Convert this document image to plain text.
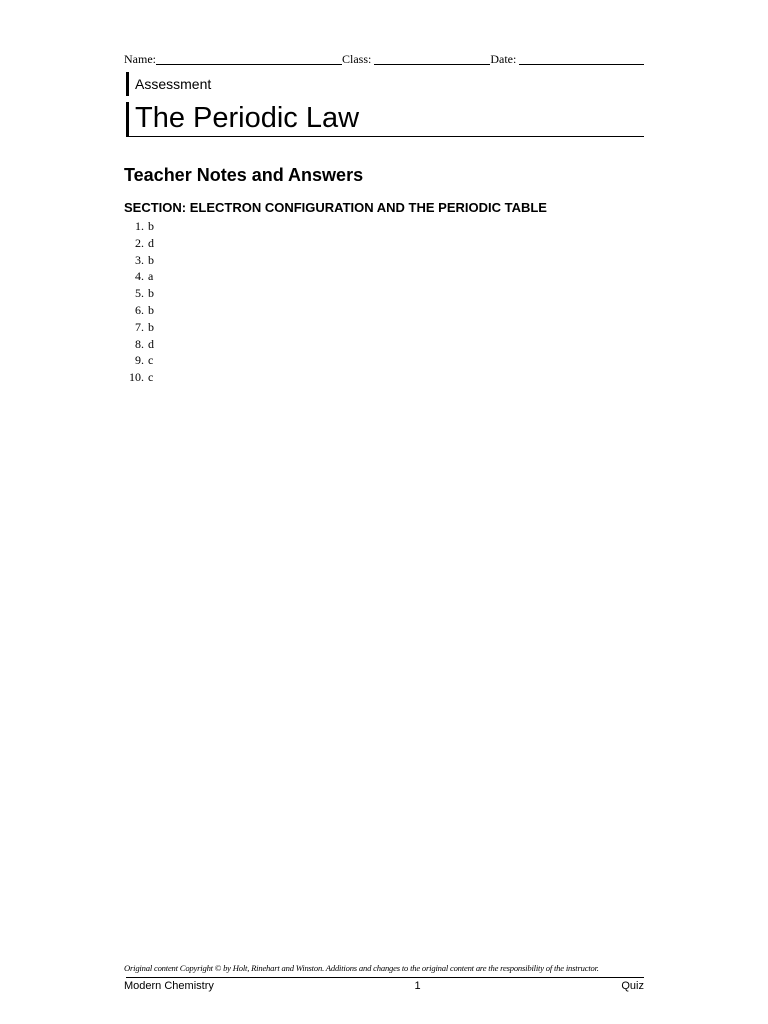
Name:	Class:	Date:
Assessment
The Periodic Law
Teacher Notes and Answers
SECTION: ELECTRON CONFIGURATION AND THE PERIODIC TABLE
1. b
2. d
3. b
4. a
5. b
6. b
7. b
8. d
9. c
10. c
Original content Copyright © by Holt, Rinehart and Winston. Additions and changes to the original content are the responsibility of the instructor.
Modern Chemistry	1	Quiz
